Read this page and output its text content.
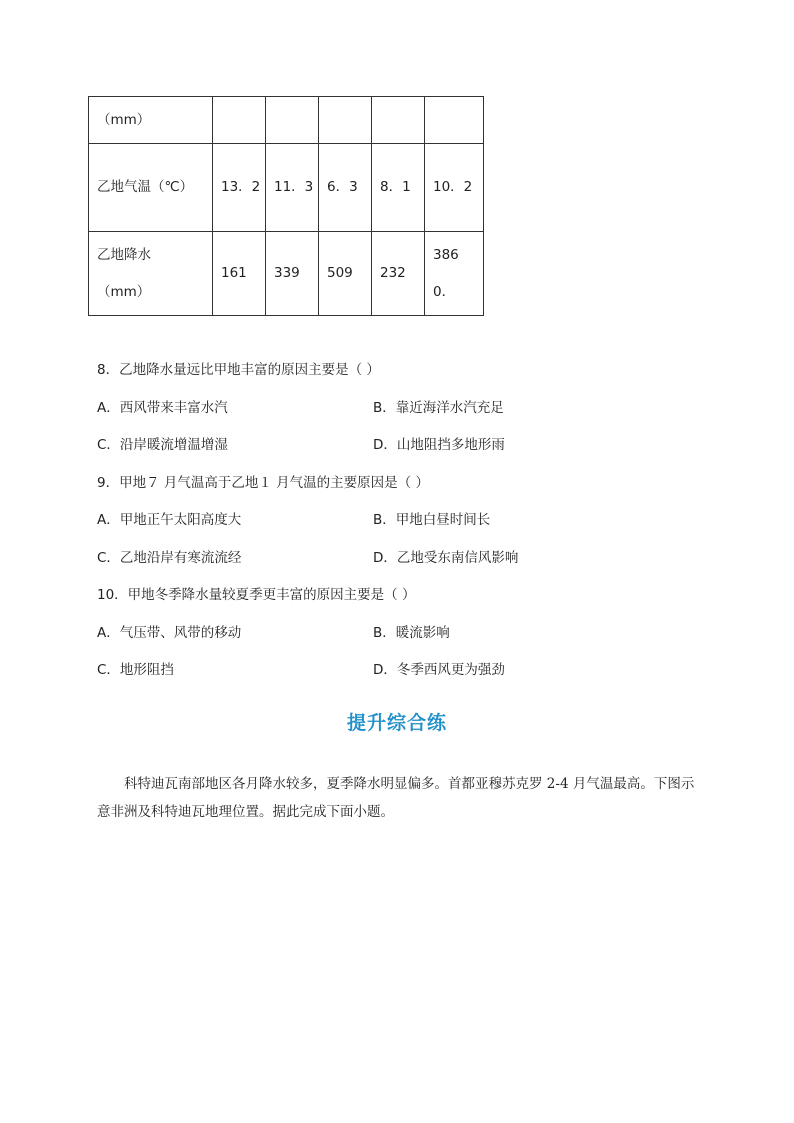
（mm）					
乙地气温（℃）	13．2	11．3	6．3	8．1	10．2

乙地降水（mm）	161	339	509	232	3860．
8．乙地降水量远比甲地丰富的原因主要是（ ）
A．西风带来丰富水汽	B．靠近海洋水汽充足
C．沿岸暖流增温增湿	D．山地阻挡多地形雨
9．甲地７ 月气温高于乙地１ 月气温的主要原因是（ ）
A．甲地正午太阳高度大	B．甲地白昼时间长
C．乙地沿岸有寒流流经	D．乙地受东南信风影响
10．甲地冬季降水量较夏季更丰富的原因主要是（ ）
A．气压带、风带的移动	B．暖流影响
C．地形阻挡	D．冬季西风更为强劲
提升综合练
科特迪瓦南部地区各月降水较多，夏季降水明显偏多。首都亚穆苏克罗 2-4 月气温最高。下图示意非洲及科特迪瓦地理位置。据此完成下面小题。
